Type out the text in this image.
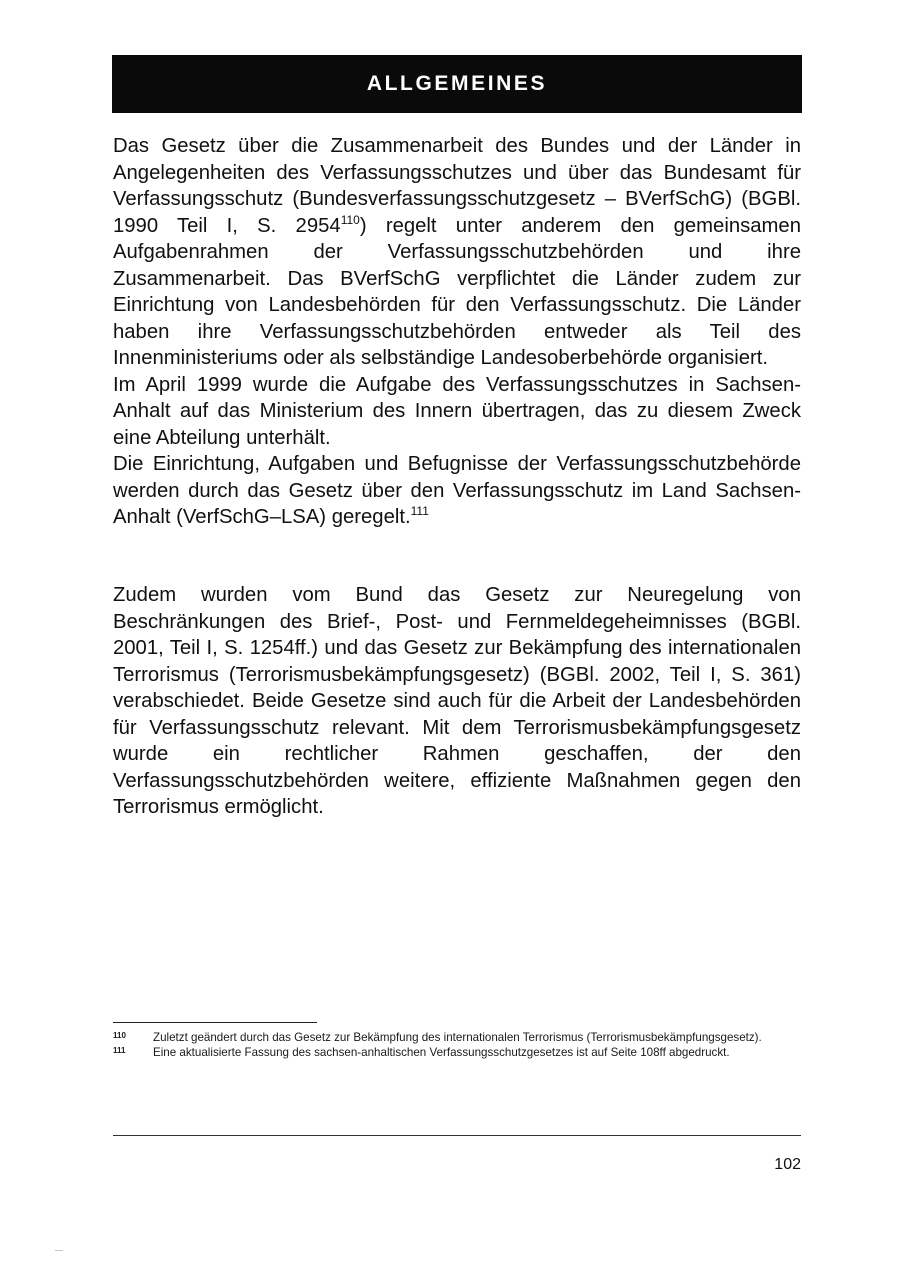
ALLGEMEINES
Das Gesetz über die Zusammenarbeit des Bundes und der Länder in Angelegenheiten des Verfassungsschutzes und über das Bundesamt für Verfassungsschutz (Bundesverfassungsschutzgesetz – BVerfSchG) (BGBl. 1990 Teil I, S. 2954$^{110}$) regelt unter anderem den gemeinsamen Aufgabenrahmen der Verfassungsschutzbehörden und ihre Zusammenarbeit. Das BVerfSchG verpflichtet die Länder zudem zur Einrichtung von Landesbehörden für den Verfassungsschutz. Die Länder haben ihre Verfassungsschutzbehörden entweder als Teil des Innenministeriums oder als selbständige Landesoberbehörde organisiert.
Im April 1999 wurde die Aufgabe des Verfassungsschutzes in Sachsen-Anhalt auf das Ministerium des Innern übertragen, das zu diesem Zweck eine Abteilung unterhält.
Die Einrichtung, Aufgaben und Befugnisse der Verfassungsschutzbehörde werden durch das Gesetz über den Verfassungsschutz im Land Sachsen-Anhalt (VerfSchG–LSA) geregelt.$^{111}$
Zudem wurden vom Bund das Gesetz zur Neuregelung von Beschränkungen des Brief-, Post- und Fernmeldegeheimnisses (BGBl. 2001, Teil I, S. 1254ff.) und das Gesetz zur Bekämpfung des internationalen Terrorismus (Terrorismusbekämpfungsgesetz) (BGBl. 2002, Teil I, S. 361) verabschiedet. Beide Gesetze sind auch für die Arbeit der Landesbehörden für Verfassungsschutz relevant. Mit dem Terrorismusbekämpfungsgesetz wurde ein rechtlicher Rahmen geschaffen, der den Verfassungsschutzbehörden weitere, effiziente Maßnahmen gegen den Terrorismus ermöglicht.
110	Zuletzt geändert durch das Gesetz zur Bekämpfung des internationalen Terrorismus (Terrorismusbekämpfungsgesetz).
111	Eine aktualisierte Fassung des sachsen-anhaltischen Verfassungsschutzgesetzes ist auf Seite 108ff abgedruckt.
102
